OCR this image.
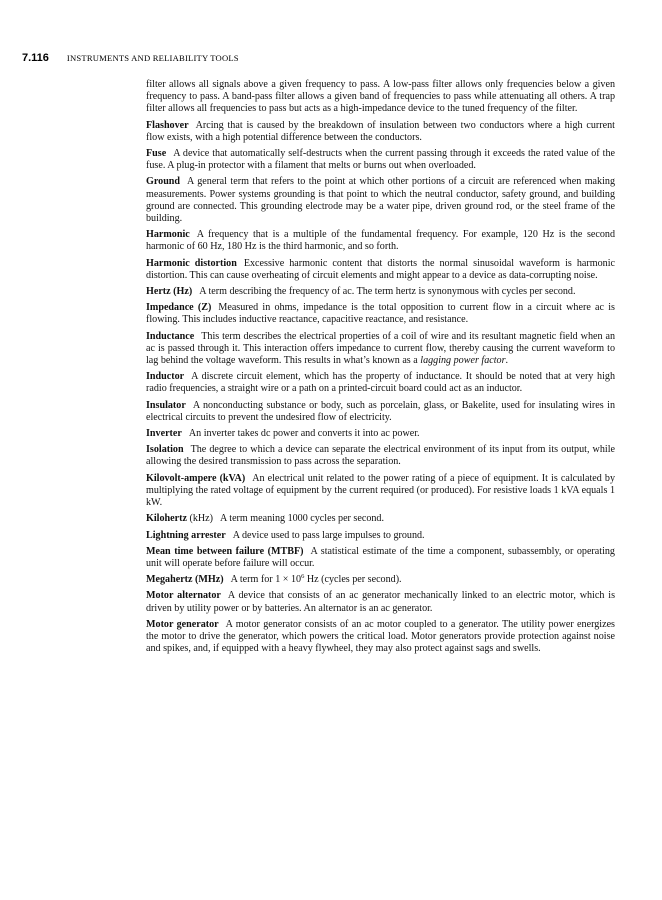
7.116 INSTRUMENTS AND RELIABILITY TOOLS

filter allows all signals above a given frequency to pass. A low-pass filter allows only frequencies below a given frequency to pass. A band-pass filter allows a given band of frequencies to pass while attenuating all others. A trap filter allows all frequencies to pass but acts as a high-impedance device to the tuned frequency of the filter.

Flashover Arcing that is caused by the breakdown of insulation between two conductors where a high current flow exists, with a high potential difference between the conductors.

Fuse A device that automatically self-destructs when the current passing through it exceeds the rated value of the fuse. A plug-in protector with a filament that melts or burns out when overloaded.

Ground A general term that refers to the point at which other portions of a circuit are referenced when making measurements. Power systems grounding is that point to which the neutral conductor, safety ground, and building ground are connected. This grounding electrode may be a water pipe, driven ground rod, or the steel frame of the building.

Harmonic A frequency that is a multiple of the fundamental frequency. For example, 120 Hz is the second harmonic of 60 Hz, 180 Hz is the third harmonic, and so forth.

Harmonic distortion Excessive harmonic content that distorts the normal sinusoidal waveform is harmonic distortion. This can cause overheating of circuit elements and might appear to a device as data-corrupting noise.

Hertz (Hz) A term describing the frequency of ac. The term hertz is synonymous with cycles per second.

Impedance (Z) Measured in ohms, impedance is the total opposition to current flow in a circuit where ac is flowing. This includes inductive reactance, capacitive reactance, and resistance.

Inductance This term describes the electrical properties of a coil of wire and its resultant magnetic field when an ac is passed through it. This interaction offers impedance to current flow, thereby causing the current waveform to lag behind the voltage waveform. This results in what’s known as a lagging power factor.

Inductor A discrete circuit element, which has the property of inductance. It should be noted that at very high radio frequencies, a straight wire or a path on a printed-circuit board could act as an inductor.

Insulator A nonconducting substance or body, such as porcelain, glass, or Bakelite, used for insulating wires in electrical circuits to prevent the undesired flow of electricity.

Inverter An inverter takes dc power and converts it into ac power.

Isolation The degree to which a device can separate the electrical environment of its input from its output, while allowing the desired transmission to pass across the separation.

Kilovolt-ampere (kVA) An electrical unit related to the power rating of a piece of equipment. It is calculated by multiplying the rated voltage of equipment by the current required (or produced). For resistive loads 1 kVA equals 1 kW.

Kilohertz (kHz) A term meaning 1000 cycles per second.

Lightning arrester A device used to pass large impulses to ground.

Mean time between failure (MTBF) A statistical estimate of the time a component, subassembly, or operating unit will operate before failure will occur.

Megahertz (MHz) A term for $1 \times 10^6$ Hz (cycles per second).

Motor alternator A device that consists of an ac generator mechanically linked to an electric motor, which is driven by utility power or by batteries. An alternator is an ac generator.

Motor generator A motor generator consists of an ac motor coupled to a generator. The utility power energizes the motor to drive the generator, which powers the critical load. Motor generators provide protection against noise and spikes, and, if equipped with a heavy flywheel, they may also protect against sags and swells.
